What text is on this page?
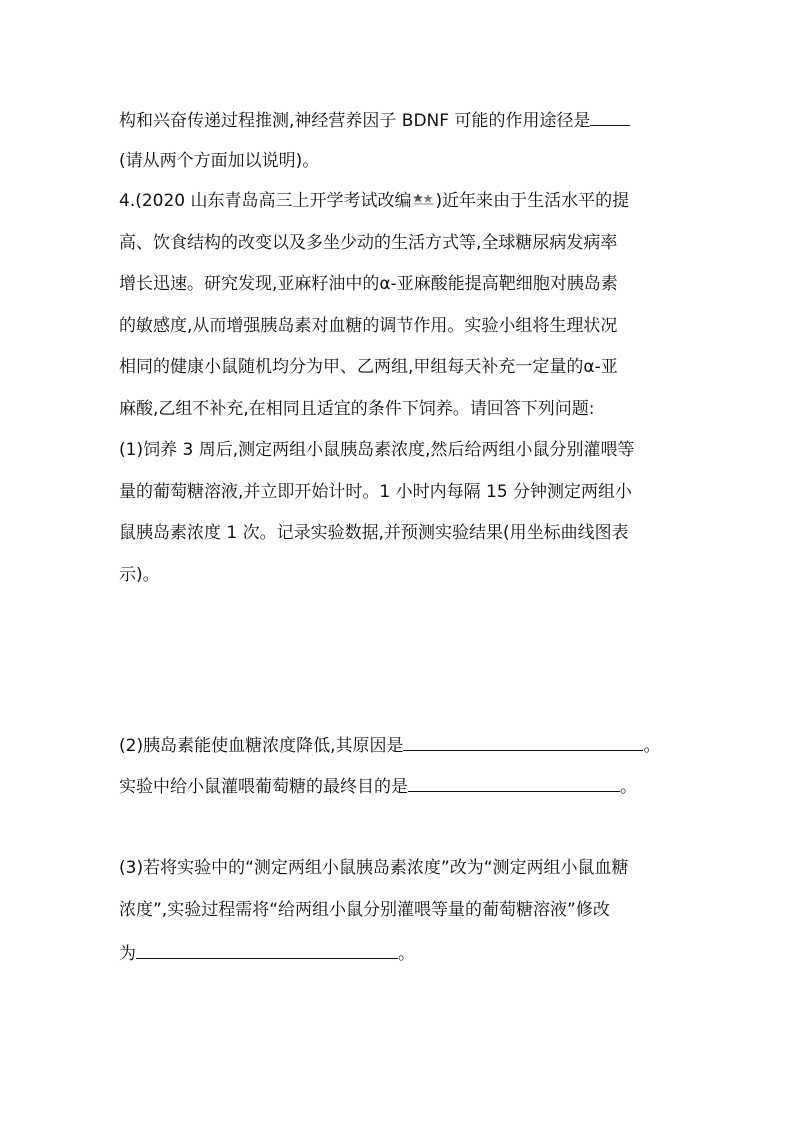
构和兴奋传递过程推测,神经营养因子 BDNF 可能的作用途径是
(请从两个方面加以说明)。
4.(2020 山东青岛高三上开学考试改编 )近年来由于生活水平的提
高、饮食结构的改变以及多坐少动的生活方式等,全球糖尿病发病率
增长迅速。研究发现,亚麻籽油中的α-亚麻酸能提高靶细胞对胰岛素
的敏感度,从而增强胰岛素对血糖的调节作用。实验小组将生理状况
相同的健康小鼠随机均分为甲、乙两组,甲组每天补充一定量的α-亚
麻酸,乙组不补充,在相同且适宜的条件下饲养。请回答下列问题:
(1)饲养 3 周后,测定两组小鼠胰岛素浓度,然后给两组小鼠分别灌喂等
量的葡萄糖溶液,并立即开始计时。1 小时内每隔 15 分钟测定两组小
鼠胰岛素浓度 1 次。记录实验数据,并预测实验结果(用坐标曲线图表
示)。
(2)胰岛素能使血糖浓度降低,其原因是	。
实验中给小鼠灌喂葡萄糖的最终目的是	。
(3)若将实验中的“测定两组小鼠胰岛素浓度”改为“测定两组小鼠血糖
浓度”,实验过程需将“给两组小鼠分别灌喂等量的葡萄糖溶液”修改
为	。
